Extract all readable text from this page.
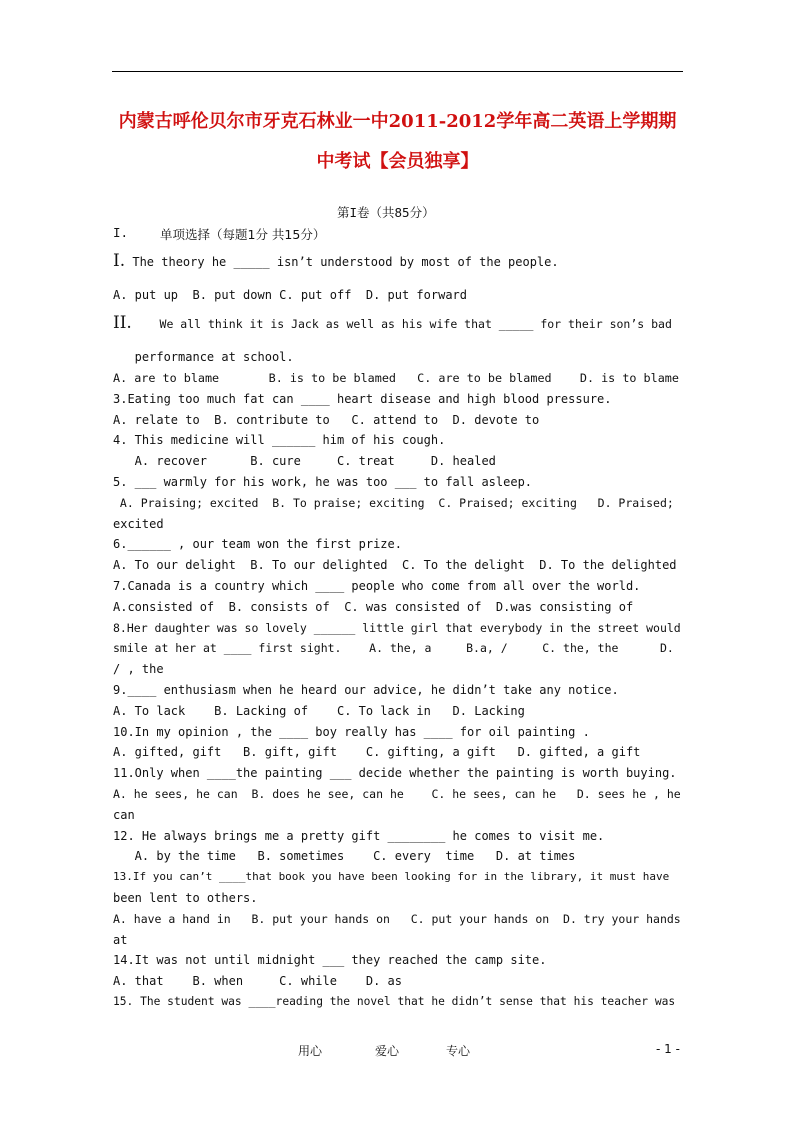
内蒙古呼伦贝尔市牙克石林业一中2011-2012学年高二英语上学期期
中考试【会员独享】
第I卷（共85分）
I.	单项选择（每题1分 共15分）
I. The theory he _____ isn’t understood by most of the people.
A. put up  B. put down C. put off  D. put forward
II.    We all think it is Jack as well as his wife that _____ for their son’s bad
performance at school.
A. are to blame       B. is to be blamed   C. are to be blamed    D. is to blame
3.Eating too much fat can ____ heart disease and high blood pressure.
A. relate to  B. contribute to   C. attend to  D. devote to
4. This medicine will ______ him of his cough.
A. recover      B. cure     C. treat     D. healed
5. ___ warmly for his work, he was too ___ to fall asleep.
A. Praising; excited  B. To praise; exciting  C. Praised; exciting   D. Praised;
excited
6.______ , our team won the first prize.
A. To our delight  B. To our delighted  C. To the delight  D. To the delighted
7.Canada is a country which ____ people who come from all over the world.
A.consisted of  B. consists of  C. was consisted of  D.was consisting of
8.Her daughter was so lovely ______ little girl that everybody in the street would
smile at her at ____ first sight.    A. the, a     B.a, /     C. the, the      D.
/ , the
9.____ enthusiasm when he heard our advice, he didn’t take any notice.
A. To lack    B. Lacking of    C. To lack in   D. Lacking
10.In my opinion , the ____ boy really has ____ for oil painting .
A. gifted, gift   B. gift, gift    C. gifting, a gift   D. gifted, a gift
11.Only when ____the painting ___ decide whether the painting is worth buying.
A. he sees, he can  B. does he see, can he    C. he sees, can he   D. sees he , he
can
12. He always brings me a pretty gift ________ he comes to visit me.
A. by the time   B. sometimes    C. every  time   D. at times
13.If you can’t ____that book you have been looking for in the library, it must have
been lent to others.
A. have a hand in   B. put your hands on   C. put your hands on  D. try your hands
at
14.It was not until midnight ___ they reached the camp site.
A. that    B. when     C. while    D. as
15. The student was ____reading the novel that he didn’t sense that his teacher was
用心	爱心	专心	- 1 -
